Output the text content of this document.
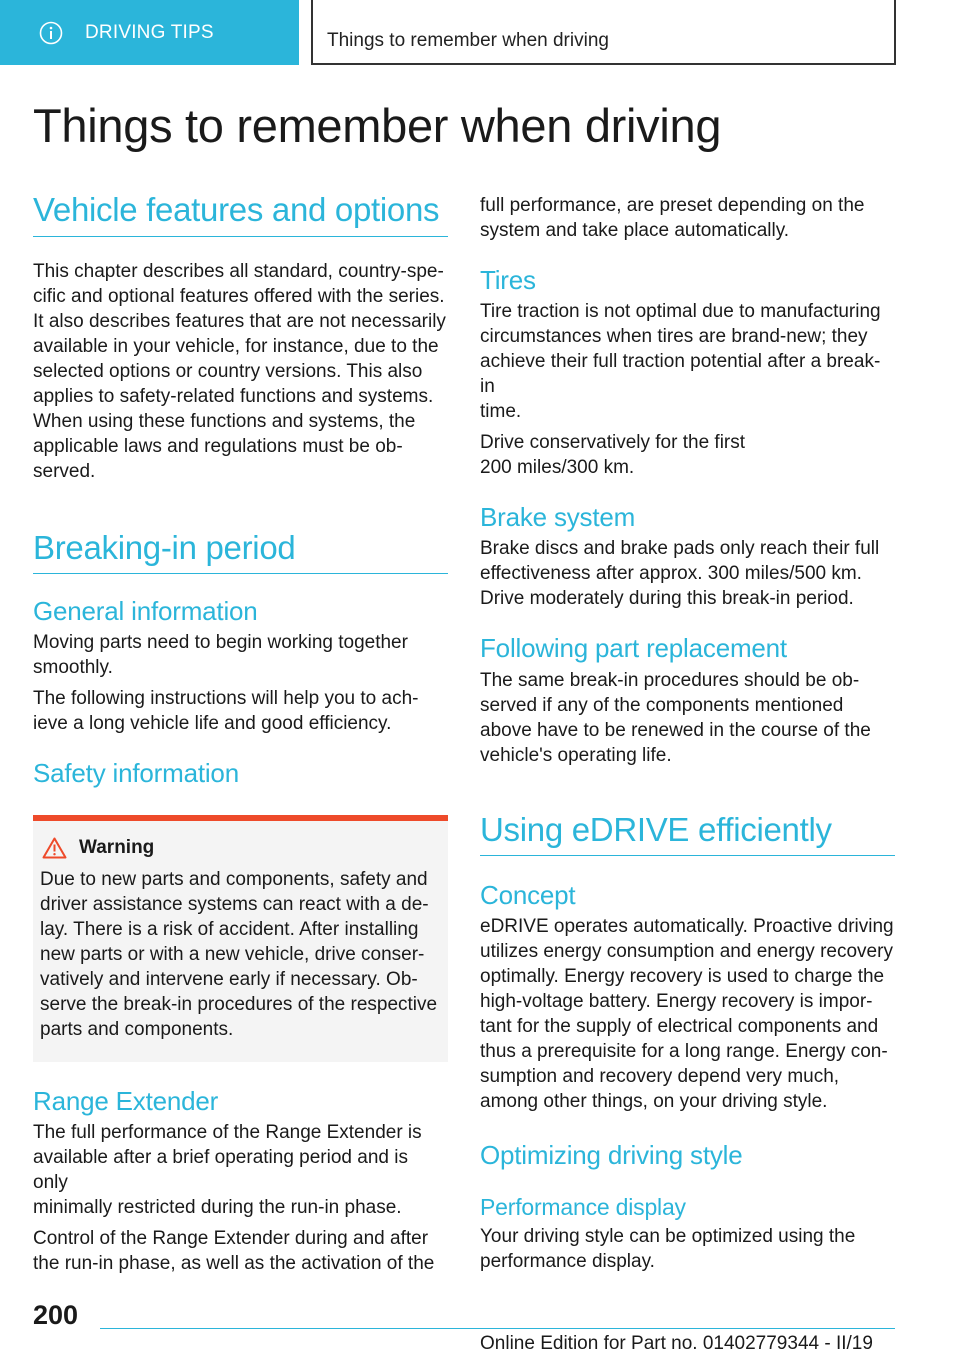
DRIVING TIPS	Things to remember when driving
Things to remember when driving
Vehicle features and options

This chapter describes all standard, country-spe‐
cific and optional features offered with the series.
It also describes features that are not necessarily
available in your vehicle, for instance, due to the
selected options or country versions. This also
applies to safety-related functions and systems.
When using these functions and systems, the
applicable laws and regulations must be ob‐
served.

Breaking-in period
General information

Moving parts need to begin working together
smoothly.

The following instructions will help you to ach‐
ieve a long vehicle life and good efficiency.

Safety information
Warning

Due to new parts and components, safety and
driver assistance systems can react with a de‐
lay. There is a risk of accident. After installing
new parts or with a new vehicle, drive conser‐
vatively and intervene early if necessary. Ob‐
serve the break-in procedures of the respective
parts and components.

Range Extender

The full performance of the Range Extender is
available after a brief operating period and is only
minimally restricted during the run-in phase.

Control of the Range Extender during and after
the run-in phase, as well as the activation of the

full performance, are preset depending on the
system and take place automatically.

Tires

Tire traction is not optimal due to manufacturing
circumstances when tires are brand-new; they
achieve their full traction potential after a break-in
time.

Drive conservatively for the first
200 miles/300 km.

Brake system

Brake discs and brake pads only reach their full
effectiveness after approx. 300 miles/500 km.
Drive moderately during this break-in period.

Following part replacement

The same break-in procedures should be ob‐
served if any of the components mentioned
above have to be renewed in the course of the
vehicle's operating life.

Using eDRIVE efficiently
Concept

eDRIVE operates automatically. Proactive driving
utilizes energy consumption and energy recovery
optimally. Energy recovery is used to charge the
high-voltage battery. Energy recovery is impor‐
tant for the supply of electrical components and
thus a prerequisite for a long range. Energy con‐
sumption and recovery depend very much,
among other things, on your driving style.

Optimizing driving style
Performance display

Your driving style can be optimized using the
performance display.

200
Online Edition for Part no. 01402779344 - II/19
